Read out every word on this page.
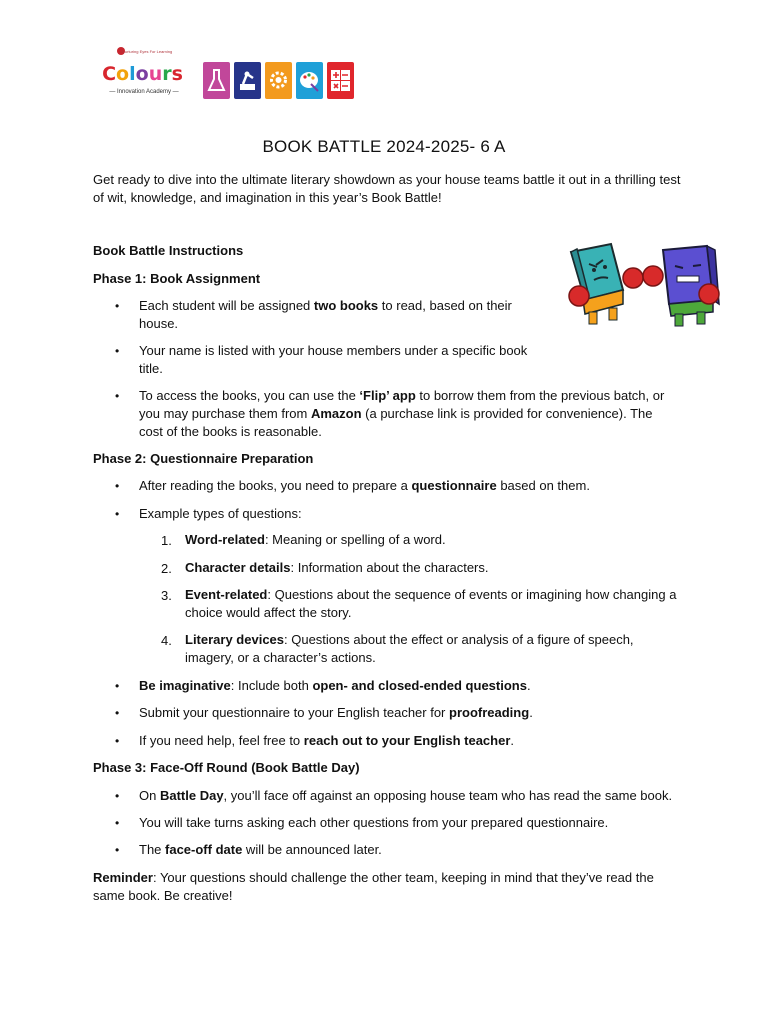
Nurturing Eyes For Learning
C o l o u r s
— Innovation Academy —
BOOK BATTLE 2024-2025- 6 A
Get ready to dive into the ultimate literary showdown as your house teams battle it out in a thrilling test of wit, knowledge, and imagination in this year’s Book Battle!
Book Battle Instructions
Phase 1: Book Assignment
• Each student will be assigned two books to read, based on their house.
• Your name is listed with your house members under a specific book title.
• To access the books, you can use the ‘Flip’ app to borrow them from the previous batch, or you may purchase them from Amazon (a purchase link is provided for convenience). The cost of the books is reasonable.
Phase 2: Questionnaire Preparation
• After reading the books, you need to prepare a questionnaire based on them.
• Example types of questions:
1. Word-related: Meaning or spelling of a word.
2. Character details: Information about the characters.
3. Event-related: Questions about the sequence of events or imagining how changing a choice would affect the story.
4. Literary devices: Questions about the effect or analysis of a figure of speech, imagery, or a character’s actions.
• Be imaginative: Include both open- and closed-ended questions.
• Submit your questionnaire to your English teacher for proofreading.
• If you need help, feel free to reach out to your English teacher.
Phase 3: Face-Off Round (Book Battle Day)
• On Battle Day, you’ll face off against an opposing house team who has read the same book.
• You will take turns asking each other questions from your prepared questionnaire.
• The face-off date will be announced later.
Reminder: Your questions should challenge the other team, keeping in mind that they’ve read the same book. Be creative!
